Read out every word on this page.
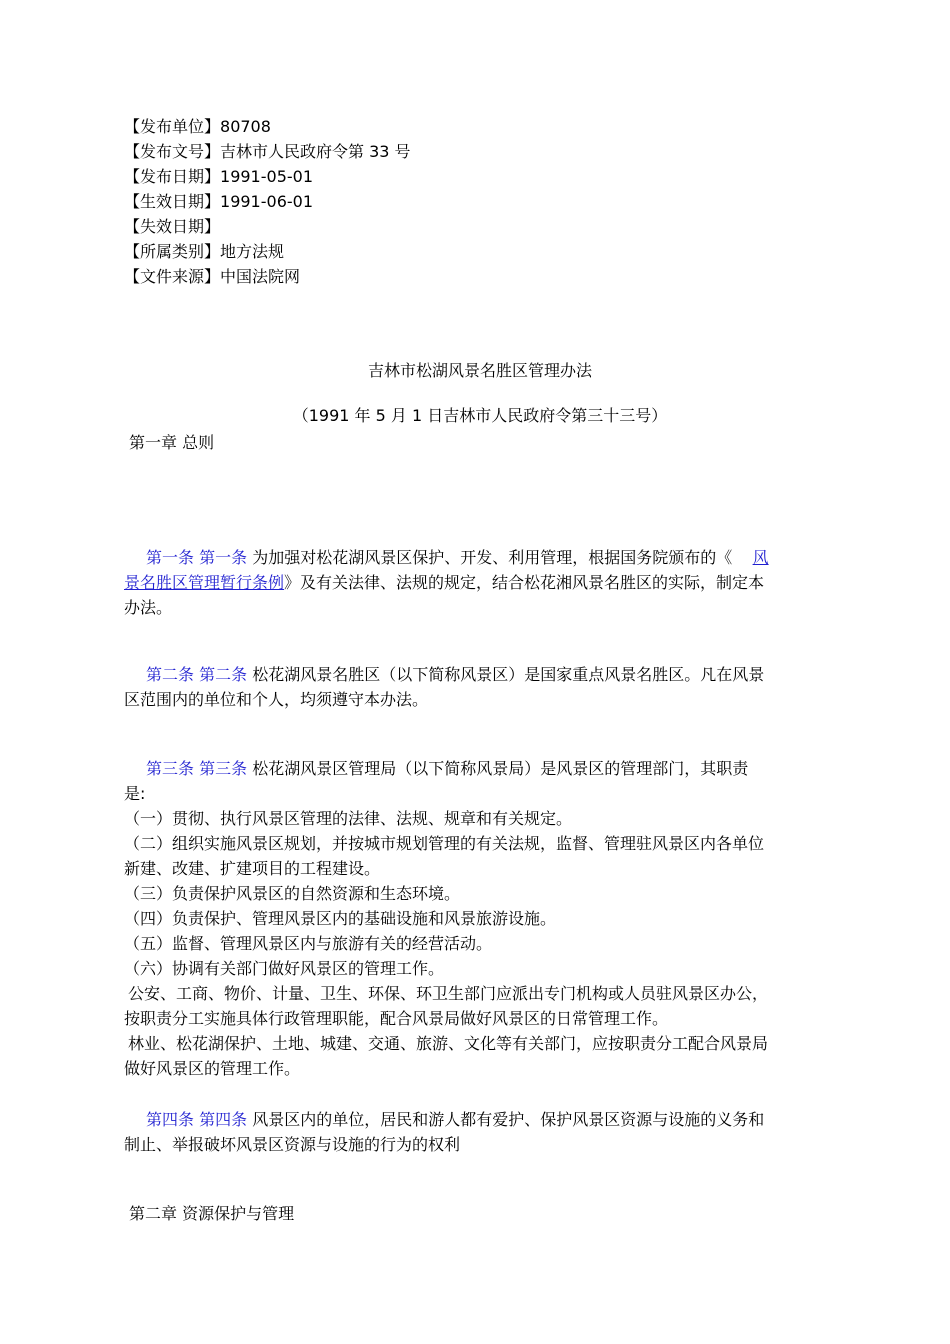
【发布单位】80708
【发布文号】吉林市人民政府令第 33 号
【发布日期】1991-05-01
【生效日期】1991-06-01
【失效日期】
【所属类别】地方法规
【文件来源】中国法院网
吉林市松湖风景名胜区管理办法
（1991 年 5 月 1 日吉林市人民政府令第三十三号）
第一章 总则
第一条 第一条 为加强对松花湖风景区保护、开发、利用管理，根据国务院颁布的《 风
景名胜区管理暂行条例》及有关法律、法规的规定，结合松花湘风景名胜区的实际，制定本
办法。
第二条 第二条 松花湖风景名胜区（以下简称风景区）是国家重点风景名胜区。凡在风景
区范围内的单位和个人，均须遵守本办法。
第三条 第三条 松花湖风景区管理局（以下简称风景局）是风景区的管理部门，其职责
是:
（一）贯彻、执行风景区管理的法律、法规、规章和有关规定。
（二）组织实施风景区规划，并按城市规划管理的有关法规，监督、管理驻风景区内各单位
新建、改建、扩建项目的工程建设。
（三）负责保护风景区的自然资源和生态环境。
（四）负责保护、管理风景区内的基础设施和风景旅游设施。
（五）监督、管理风景区内与旅游有关的经营活动。
（六）协调有关部门做好风景区的管理工作。
公安、工商、物价、计量、卫生、环保、环卫生部门应派出专门机构或人员驻风景区办公，
按职责分工实施具体行政管理职能，配合风景局做好风景区的日常管理工作。
林业、松花湖保护、土地、城建、交通、旅游、文化等有关部门，应按职责分工配合风景局
做好风景区的管理工作。
第四条 第四条 风景区内的单位，居民和游人都有爱护、保护风景区资源与设施的义务和
制止、举报破坏风景区资源与设施的行为的权利
第二章 资源保护与管理
